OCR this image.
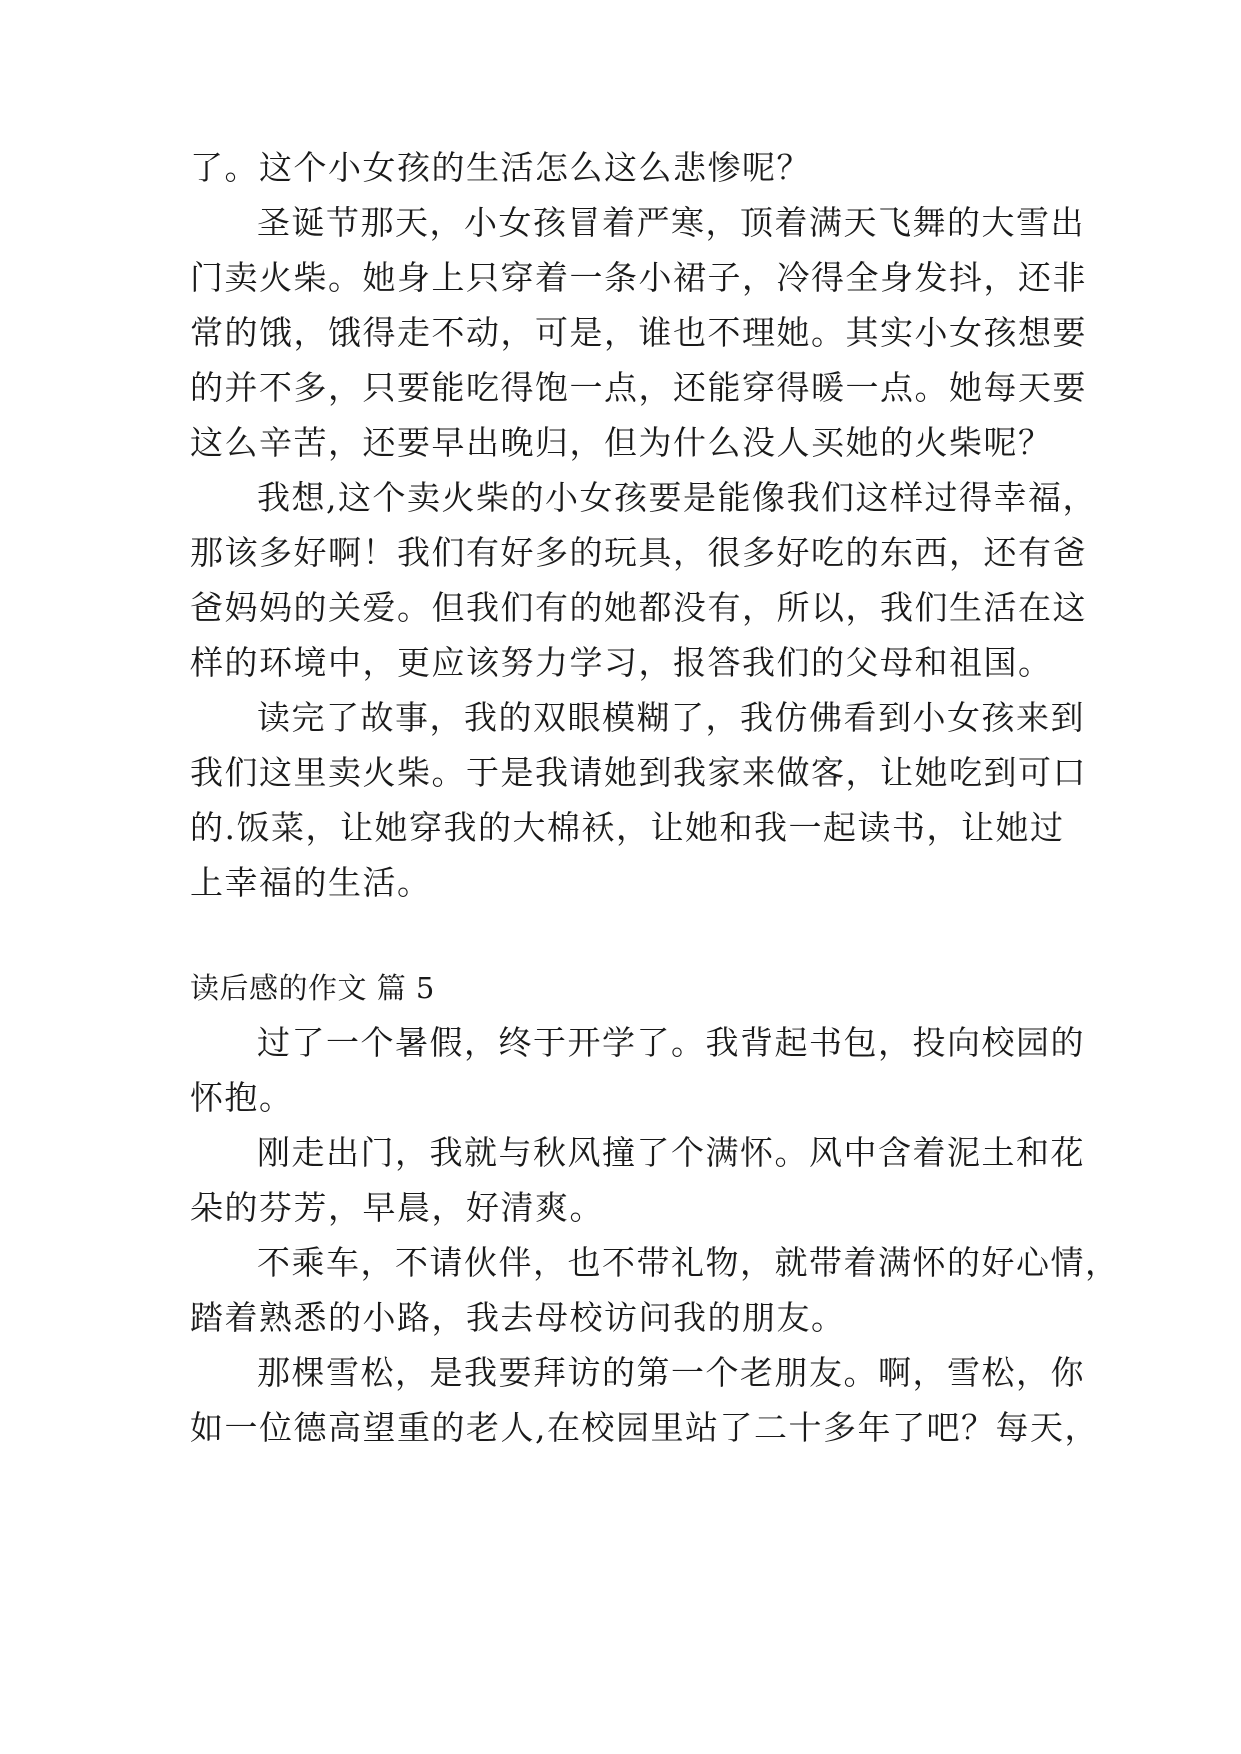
了。这个小女孩的生活怎么这么悲惨呢？
圣诞节那天，小女孩冒着严寒，顶着满天飞舞的大雪出
门卖火柴。她身上只穿着一条小裙子，冷得全身发抖，还非
常的饿，饿得走不动，可是，谁也不理她。其实小女孩想要
的并不多，只要能吃得饱一点，还能穿得暖一点。她每天要
这么辛苦，还要早出晚归，但为什么没人买她的火柴呢？
我想,这个卖火柴的小女孩要是能像我们这样过得幸福，
那该多好啊！我们有好多的玩具，很多好吃的东西，还有爸
爸妈妈的关爱。但我们有的她都没有，所以，我们生活在这
样的环境中，更应该努力学习，报答我们的父母和祖国。
读完了故事，我的双眼模糊了，我仿佛看到小女孩来到
我们这里卖火柴。于是我请她到我家来做客，让她吃到可口
的.饭菜，让她穿我的大棉袄，让她和我一起读书，让她过
上幸福的生活。
读后感的作文 篇 5
过了一个暑假，终于开学了。我背起书包，投向校园的
怀抱。
刚走出门，我就与秋风撞了个满怀。风中含着泥土和花
朵的芬芳，早晨，好清爽。
不乘车，不请伙伴，也不带礼物，就带着满怀的好心情，
踏着熟悉的小路，我去母校访问我的朋友。
那棵雪松，是我要拜访的第一个老朋友。啊，雪松，你
如一位德高望重的老人,在校园里站了二十多年了吧？每天，
